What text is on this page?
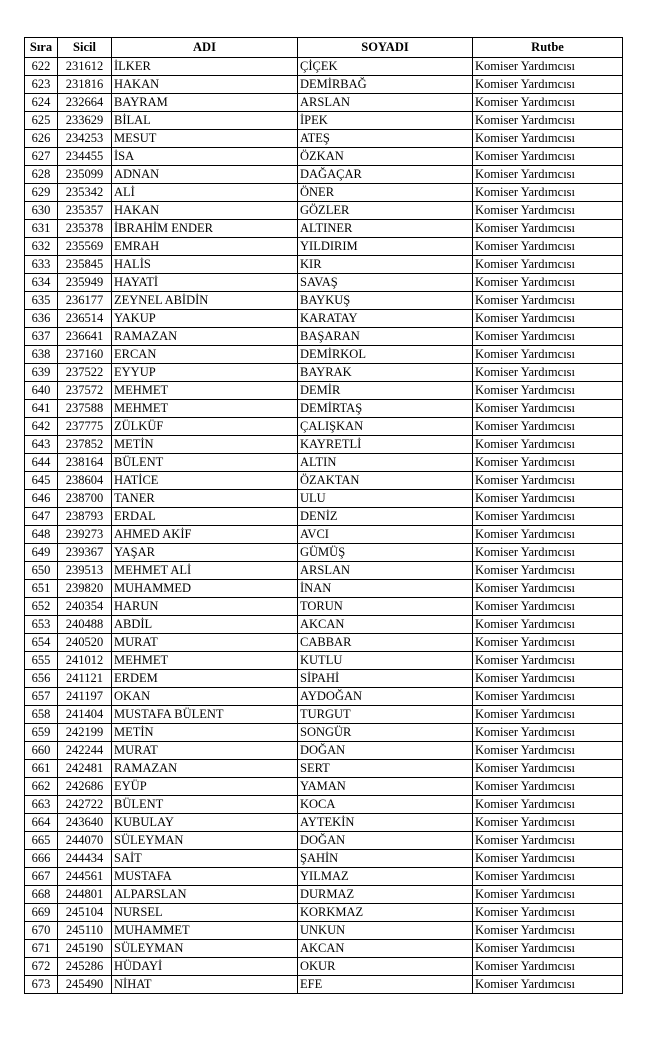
Sıra	Sicil	ADI	SOYADI	Rutbe
622	231612	İLKER	ÇİÇEK	Komiser Yardımcısı
623	231816	HAKAN	DEMİRBAĞ	Komiser Yardımcısı
624	232664	BAYRAM	ARSLAN	Komiser Yardımcısı
625	233629	BİLAL	İPEK	Komiser Yardımcısı
626	234253	MESUT	ATEŞ	Komiser Yardımcısı
627	234455	İSA	ÖZKAN	Komiser Yardımcısı
628	235099	ADNAN	DAĞAÇAR	Komiser Yardımcısı
629	235342	ALİ	ÖNER	Komiser Yardımcısı
630	235357	HAKAN	GÖZLER	Komiser Yardımcısı
631	235378	İBRAHİM ENDER	ALTINER	Komiser Yardımcısı
632	235569	EMRAH	YILDIRIM	Komiser Yardımcısı
633	235845	HALİS	KIR	Komiser Yardımcısı
634	235949	HAYATİ	SAVAŞ	Komiser Yardımcısı
635	236177	ZEYNEL ABİDİN	BAYKUŞ	Komiser Yardımcısı
636	236514	YAKUP	KARATAY	Komiser Yardımcısı
637	236641	RAMAZAN	BAŞARAN	Komiser Yardımcısı
638	237160	ERCAN	DEMİRKOL	Komiser Yardımcısı
639	237522	EYYUP	BAYRAK	Komiser Yardımcısı
640	237572	MEHMET	DEMİR	Komiser Yardımcısı
641	237588	MEHMET	DEMİRTAŞ	Komiser Yardımcısı
642	237775	ZÜLKÜF	ÇALIŞKAN	Komiser Yardımcısı
643	237852	METİN	KAYRETLİ	Komiser Yardımcısı
644	238164	BÜLENT	ALTIN	Komiser Yardımcısı
645	238604	HATİCE	ÖZAKTAN	Komiser Yardımcısı
646	238700	TANER	ULU	Komiser Yardımcısı
647	238793	ERDAL	DENİZ	Komiser Yardımcısı
648	239273	AHMED AKİF	AVCI	Komiser Yardımcısı
649	239367	YAŞAR	GÜMÜŞ	Komiser Yardımcısı
650	239513	MEHMET ALİ	ARSLAN	Komiser Yardımcısı
651	239820	MUHAMMED	İNAN	Komiser Yardımcısı
652	240354	HARUN	TORUN	Komiser Yardımcısı
653	240488	ABDİL	AKCAN	Komiser Yardımcısı
654	240520	MURAT	CABBAR	Komiser Yardımcısı
655	241012	MEHMET	KUTLU	Komiser Yardımcısı
656	241121	ERDEM	SİPAHİ	Komiser Yardımcısı
657	241197	OKAN	AYDOĞAN	Komiser Yardımcısı
658	241404	MUSTAFA BÜLENT	TURGUT	Komiser Yardımcısı
659	242199	METİN	SONGÜR	Komiser Yardımcısı
660	242244	MURAT	DOĞAN	Komiser Yardımcısı
661	242481	RAMAZAN	SERT	Komiser Yardımcısı
662	242686	EYÜP	YAMAN	Komiser Yardımcısı
663	242722	BÜLENT	KOCA	Komiser Yardımcısı
664	243640	KUBULAY	AYTEKİN	Komiser Yardımcısı
665	244070	SÜLEYMAN	DOĞAN	Komiser Yardımcısı
666	244434	SAİT	ŞAHİN	Komiser Yardımcısı
667	244561	MUSTAFA	YILMAZ	Komiser Yardımcısı
668	244801	ALPARSLAN	DURMAZ	Komiser Yardımcısı
669	245104	NURSEL	KORKMAZ	Komiser Yardımcısı
670	245110	MUHAMMET	UNKUN	Komiser Yardımcısı
671	245190	SÜLEYMAN	AKCAN	Komiser Yardımcısı
672	245286	HÜDAYİ	OKUR	Komiser Yardımcısı
673	245490	NİHAT	EFE	Komiser Yardımcısı
